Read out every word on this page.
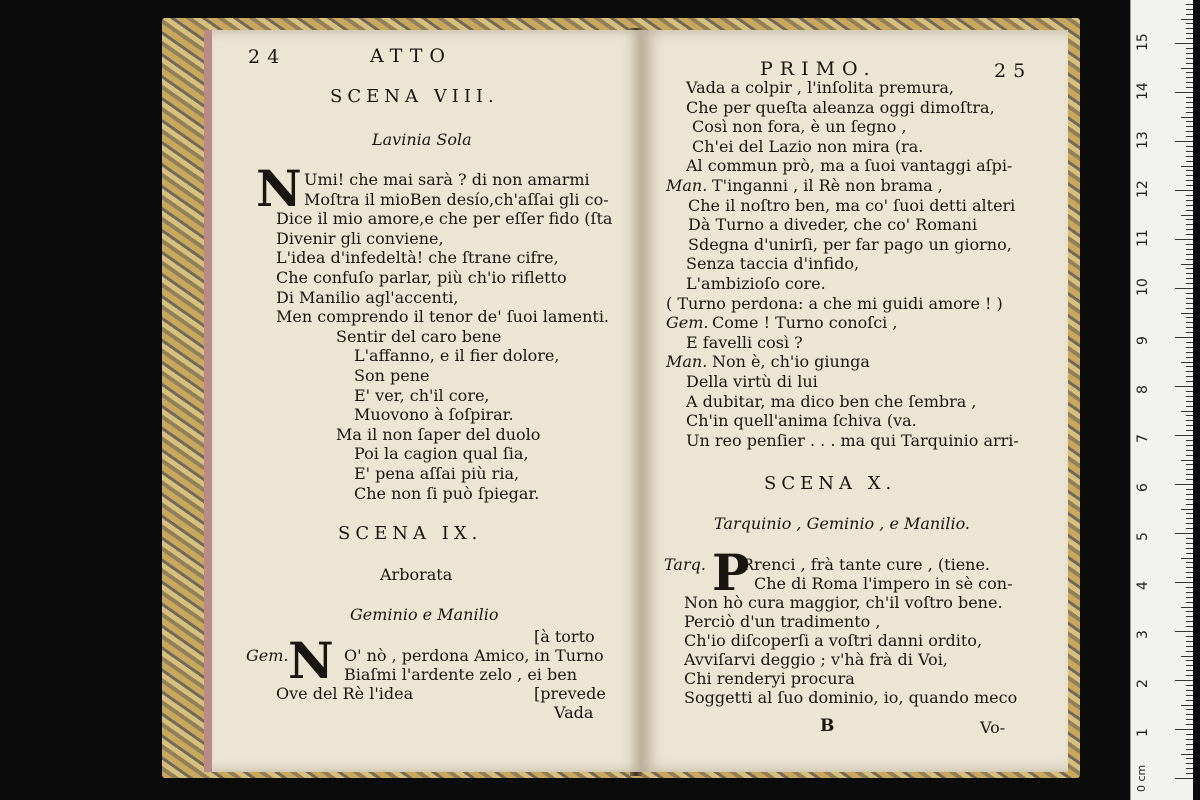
24	ATTO
SCENA VIII.
Lavinia Sola
N Umi! che mai sarà ? di non amarmi
Moſtra il mioBen desío,ch'aſſai gli co-
Dice il mio amore,e che per eſſer fido (ſta
Divenir gli conviene,
L'idea d'infedeltà! che ſtrane cifre,
Che confuſo parlar, più ch'io rifletto
Di Manilio agl'accenti,
Men comprendo il tenor de' ſuoi lamenti.
Sentir del caro bene
L'affanno, e il fier dolore,
Son pene
E' ver, ch'il core,
Muovono à ſoſpirar.
Ma il non ſaper del duolo
Poi la cagion qual ſia,
E' pena aſſai più ria,
Che non ſi può ſpiegar.
SCENA IX.
Arborata
Geminio e Manilio
Gem. N	[à torto
O' nò , perdona Amico, in Turno
Biaſmi l'ardente zelo , ei ben
Ove del Rè l'idea	[prevede
Vada
PRIMO.	25
Vada a colpir , l'inſolita premura,
Che per queſta aleanza oggi dimoſtra,
Così non fora, è un ſegno ,
Ch'ei del Lazio non mira (ra.
Al commun prò, ma a ſuoi vantaggi aſpi-
Man. T'inganni , il Rè non brama ,
Che il noſtro ben, ma co' ſuoi detti alteri
Dà Turno a diveder, che co' Romani
Sdegna d'unirſi, per far pago un giorno,
Senza taccia d'infido,
L'ambizioſo core.
( Turno perdona: a che mi guidi amore ! )
Gem. Come ! Turno conoſci ,
E favelli così ?
Man. Non è, ch'io giunga
Della virtù di lui
A dubitar, ma dico ben che ſembra ,
Ch'in quell'anima ſchiva (va.
Un reo penſier . . . ma qui Tarquinio arri-
SCENA X.
Tarquinio , Geminio , e Manilio.
Tarq. P
Rrenci , frà tante cure , (tiene.
Che di Roma l'impero in sè con-
Non hò cura maggior, ch'il voſtro bene.
Perciò d'un tradimento ,
Ch'io diſcoperſi a voſtri danni ordito,
Avviſarvi deggio ; v'hà frà di Voi,
Chi renderyi procura
Soggetti al ſuo dominio, io, quando meco
B	Vo-	1
2
3
4
5
6
7
8
9
10
11
12
13
14
15
0 cm
